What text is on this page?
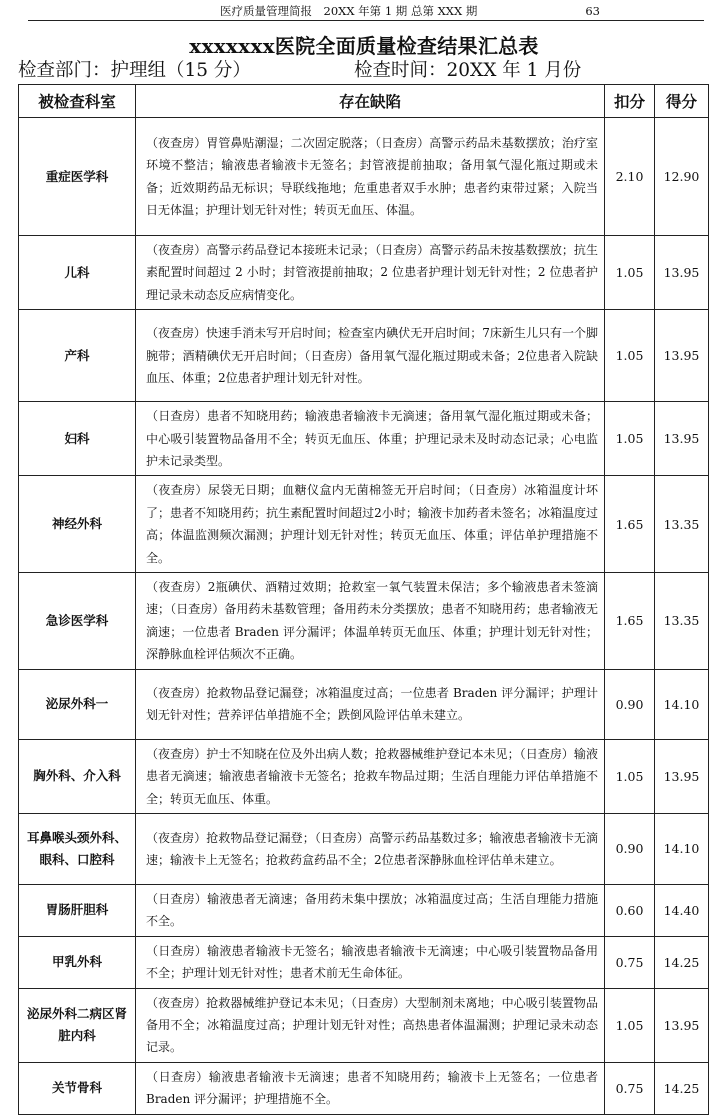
医疗质量管理简报　20XX 年第 1 期 总第 XXX 期	63
xxxxxxx医院全面质量检查结果汇总表
检查部门：护理组（15 分）	检查时间：20XX 年 1 月份
被检查科室	存在缺陷	扣分	得分
重症医学科	（夜查房）胃管鼻贴潮湿；二次固定脱落；（日查房）高警示药品未基数摆放；治疗室环境不整洁；输液患者输液卡无签名；封管液提前抽取；备用氧气湿化瓶过期或未备；近效期药品无标识；导联线拖地；危重患者双手水肿；患者约束带过紧；入院当日无体温；护理计划无针对性；转页无血压、体温。	2.10	12.90
儿科	（夜查房）高警示药品登记本接班未记录；（日查房）高警示药品未按基数摆放；抗生素配置时间超过 2 小时；封管液提前抽取；2 位患者护理计划无针对性；2 位患者护理记录未动态反应病情变化。	1.05	13.95
产科	（夜查房）快速手消未写开启时间；检查室内碘伏无开启时间；7床新生儿只有一个脚腕带；酒精碘伏无开启时间；（日查房）备用氧气湿化瓶过期或未备；2位患者入院缺血压、体重；2位患者护理计划无针对性。	1.05	13.95
妇科	（日查房）患者不知晓用药；输液患者输液卡无滴速；备用氧气湿化瓶过期或未备；中心吸引装置物品备用不全；转页无血压、体重；护理记录未及时动态记录；心电监护未记录类型。	1.05	13.95
神经外科	（夜查房）尿袋无日期；血糖仪盒内无菌棉签无开启时间；（日查房）冰箱温度计坏了；患者不知晓用药；抗生素配置时间超过2小时；输液卡加药者未签名；冰箱温度过高；体温监测频次漏测；护理计划无针对性；转页无血压、体重；评估单护理措施不全。	1.65	13.35
急诊医学科	（夜查房）2瓶碘伏、酒精过效期；抢救室一氧气装置未保洁；多个输液患者未签滴速；（日查房）备用药未基数管理；备用药未分类摆放；患者不知晓用药；患者输液无滴速；一位患者 Braden 评分漏评；体温单转页无血压、体重；护理计划无针对性；深静脉血栓评估频次不正确。	1.65	13.35
泌尿外科一	（夜查房）抢救物品登记漏登；冰箱温度过高；一位患者 Braden 评分漏评；护理计划无针对性；营养评估单措施不全；跌倒风险评估单未建立。	0.90	14.10
胸外科、介入科	（夜查房）护士不知晓在位及外出病人数；抢救器械维护登记本未见；（日查房）输液患者无滴速；输液患者输液卡无签名；抢救车物品过期；生活自理能力评估单措施不全；转页无血压、体重。	1.05	13.95
耳鼻喉头颈外科、眼科、口腔科	（夜查房）抢救物品登记漏登；（日查房）高警示药品基数过多；输液患者输液卡无滴速；输液卡上无签名；抢救药盒药品不全；2位患者深静脉血栓评估单未建立。	0.90	14.10
胃肠肝胆科	（日查房）输液患者无滴速；备用药未集中摆放；冰箱温度过高；生活自理能力措施不全。	0.60	14.40
甲乳外科	（日查房）输液患者输液卡无签名；输液患者输液卡无滴速；中心吸引装置物品备用不全；护理计划无针对性；患者术前无生命体征。	0.75	14.25
泌尿外科二病区肾脏内科	（夜查房）抢救器械维护登记本未见；（日查房）大型制剂未离地；中心吸引装置物品备用不全；冰箱温度过高；护理计划无针对性；高热患者体温漏测；护理记录未动态记录。	1.05	13.95
关节骨科	（日查房）输液患者输液卡无滴速；患者不知晓用药；输液卡上无签名；一位患者 Braden 评分漏评；护理措施不全。	0.75	14.25
